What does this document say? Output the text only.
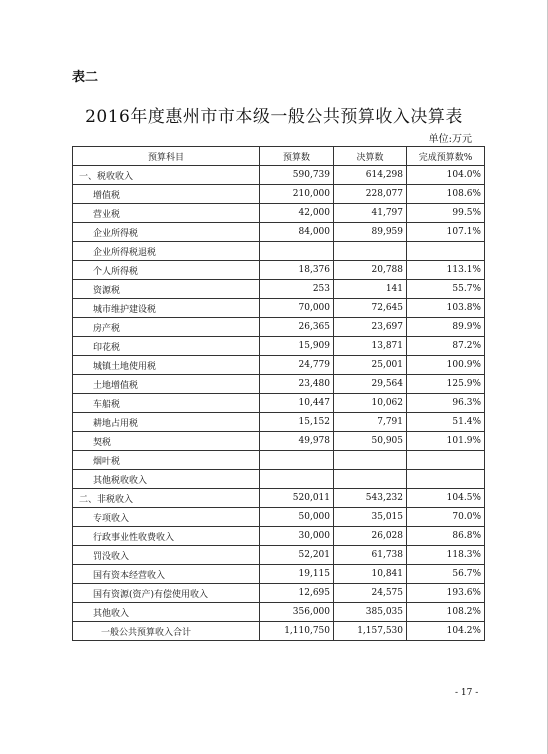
表二
2016年度惠州市市本级一般公共预算收入决算表
单位:万元
预算科目	预算数	决算数	完成预算数%
一、税收收入	590,739	614,298	104.0%
增值税	210,000	228,077	108.6%
营业税	42,000	41,797	99.5%
企业所得税	84,000	89,959	107.1%
企业所得税退税			
个人所得税	18,376	20,788	113.1%
资源税	253	141	55.7%
城市维护建设税	70,000	72,645	103.8%
房产税	26,365	23,697	89.9%
印花税	15,909	13,871	87.2%
城镇土地使用税	24,779	25,001	100.9%
土地增值税	23,480	29,564	125.9%
车船税	10,447	10,062	96.3%
耕地占用税	15,152	7,791	51.4%
契税	49,978	50,905	101.9%
烟叶税			
其他税收收入			
二、非税收入	520,011	543,232	104.5%
专项收入	50,000	35,015	70.0%
行政事业性收费收入	30,000	26,028	86.8%
罚没收入	52,201	61,738	118.3%
国有资本经营收入	19,115	10,841	56.7%
国有资源(资产)有偿使用收入	12,695	24,575	193.6%
其他收入	356,000	385,035	108.2%
一般公共预算收入合计	1,110,750	1,157,530	104.2%
- 17 -
